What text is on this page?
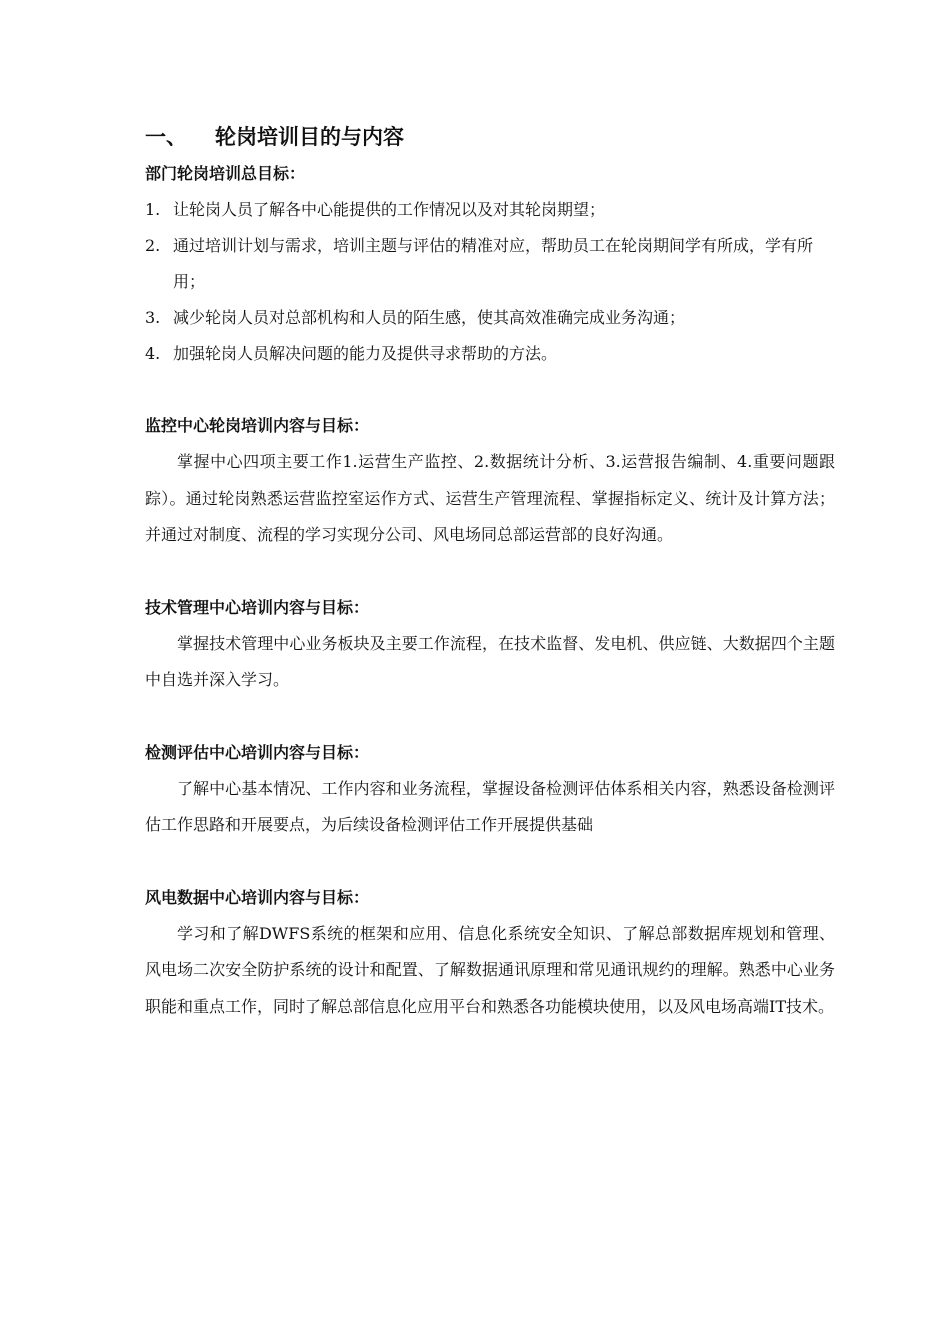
一、	轮岗培训目的与内容
部门轮岗培训总目标：
1. 让轮岗人员了解各中心能提供的工作情况以及对其轮岗期望；
2. 通过培训计划与需求，培训主题与评估的精准对应，帮助员工在轮岗期间学有所成，学有所用；
3. 减少轮岗人员对总部机构和人员的陌生感，使其高效准确完成业务沟通；
4. 加强轮岗人员解决问题的能力及提供寻求帮助的方法。
监控中心轮岗培训内容与目标：

掌握中心四项主要工作1.运营生产监控、2.数据统计分析、3.运营报告编制、4.重要问题跟踪）。通过轮岗熟悉运营监控室运作方式、运营生产管理流程、掌握指标定义、统计及计算方法；并通过对制度、流程的学习实现分公司、风电场同总部运营部的良好沟通。

技术管理中心培训内容与目标：

掌握技术管理中心业务板块及主要工作流程，在技术监督、发电机、供应链、大数据四个主题中自选并深入学习。

检测评估中心培训内容与目标：

了解中心基本情况、工作内容和业务流程，掌握设备检测评估体系相关内容，熟悉设备检测评估工作思路和开展要点，为后续设备检测评估工作开展提供基础

风电数据中心培训内容与目标：

学习和了解DWFS系统的框架和应用、信息化系统安全知识、了解总部数据库规划和管理、风电场二次安全防护系统的设计和配置、了解数据通讯原理和常见通讯规约的理解。熟悉中心业务职能和重点工作，同时了解总部信息化应用平台和熟悉各功能模块使用，以及风电场高端IT技术。
